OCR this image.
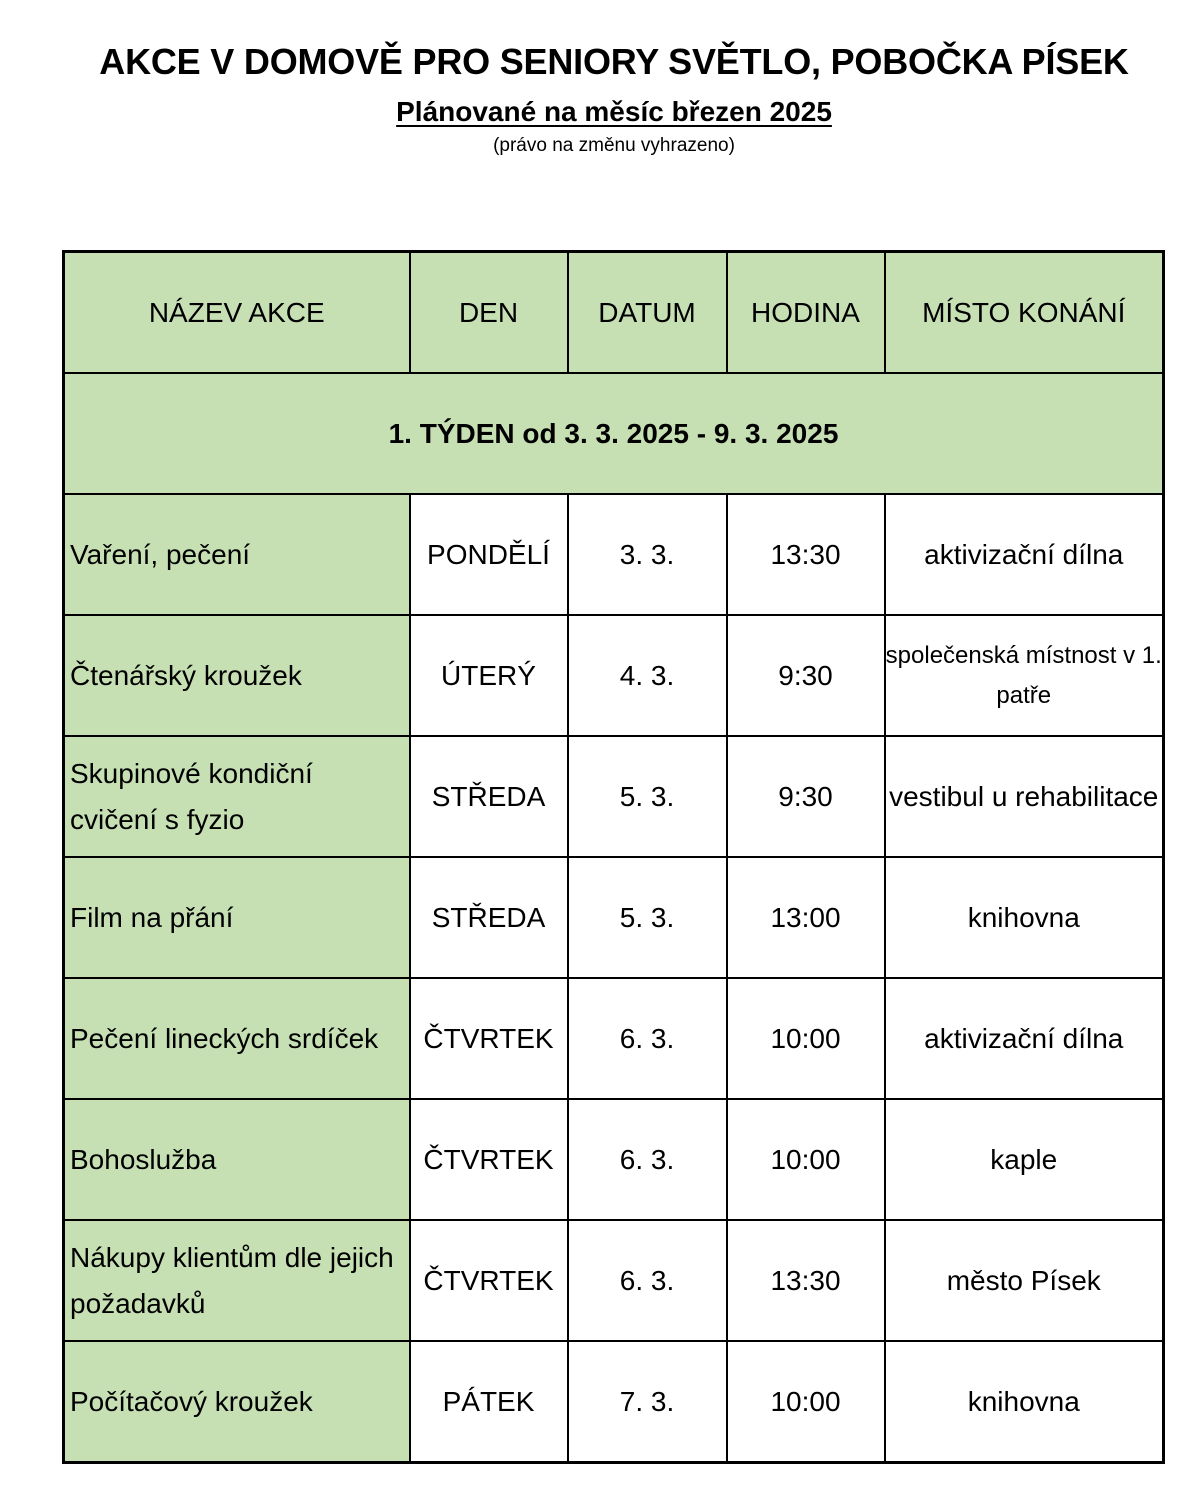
AKCE V DOMOVĚ PRO SENIORY SVĚTLO, POBOČKA PÍSEK
Plánované na měsíc březen 2025

(právo na změnu vyhrazeno)

NÁZEV AKCE	DEN	DATUM	HODINA	MÍSTO KONÁNÍ
1. TÝDEN od 3. 3. 2025 - 9. 3. 2025				
Vaření, pečení	PONDĚLÍ	3. 3.	13:30	aktivizační dílna
Čtenářský kroužek	ÚTERÝ	4. 3.	9:30	společenská místnost v 1. patře
Skupinové kondiční cvičení s fyzio	STŘEDA	5. 3.	9:30	vestibul u rehabilitace
Film na přání	STŘEDA	5. 3.	13:00	knihovna
Pečení lineckých srdíček	ČTVRTEK	6. 3.	10:00	aktivizační dílna
Bohoslužba	ČTVRTEK	6. 3.	10:00	kaple
Nákupy klientům dle jejich požadavků	ČTVRTEK	6. 3.	13:30	město Písek
Počítačový kroužek	PÁTEK	7. 3.	10:00	knihovna
